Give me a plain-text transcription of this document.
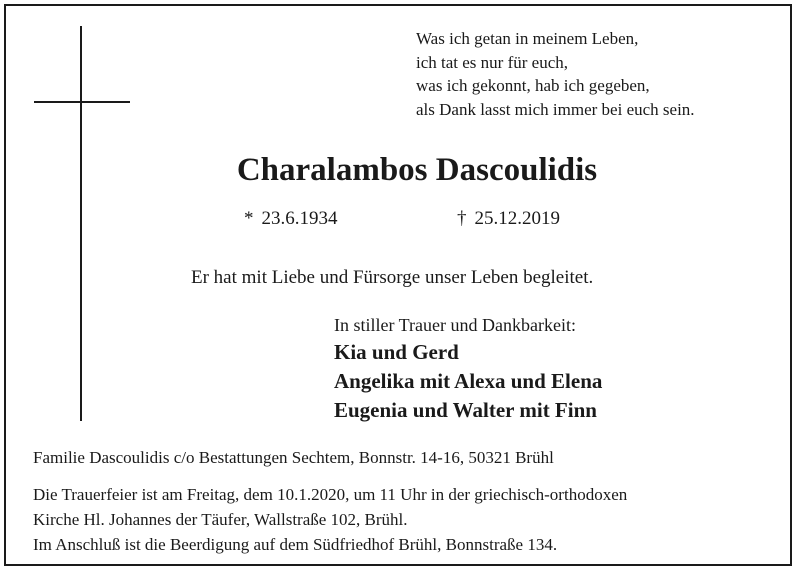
Was ich getan in meinem Leben,
ich tat es nur für euch,
was ich gekonnt, hab ich gegeben,
als Dank lasst mich immer bei euch sein.
Charalambos Dascoulidis
* 23.6.1934	† 25.12.2019
Er hat mit Liebe und Fürsorge unser Leben begleitet.
In stiller Trauer und Dankbarkeit:
Kia und Gerd
Angelika mit Alexa und Elena
Eugenia und Walter mit Finn
Familie Dascoulidis c/o Bestattungen Sechtem, Bonnstr. 14-16, 50321 Brühl
Die Trauerfeier ist am Freitag, dem 10.1.2020, um 11 Uhr in der griechisch-orthodoxen
Kirche Hl. Johannes der Täufer, Wallstraße 102, Brühl.
Im Anschluß ist die Beerdigung auf dem Südfriedhof Brühl, Bonnstraße 134.
